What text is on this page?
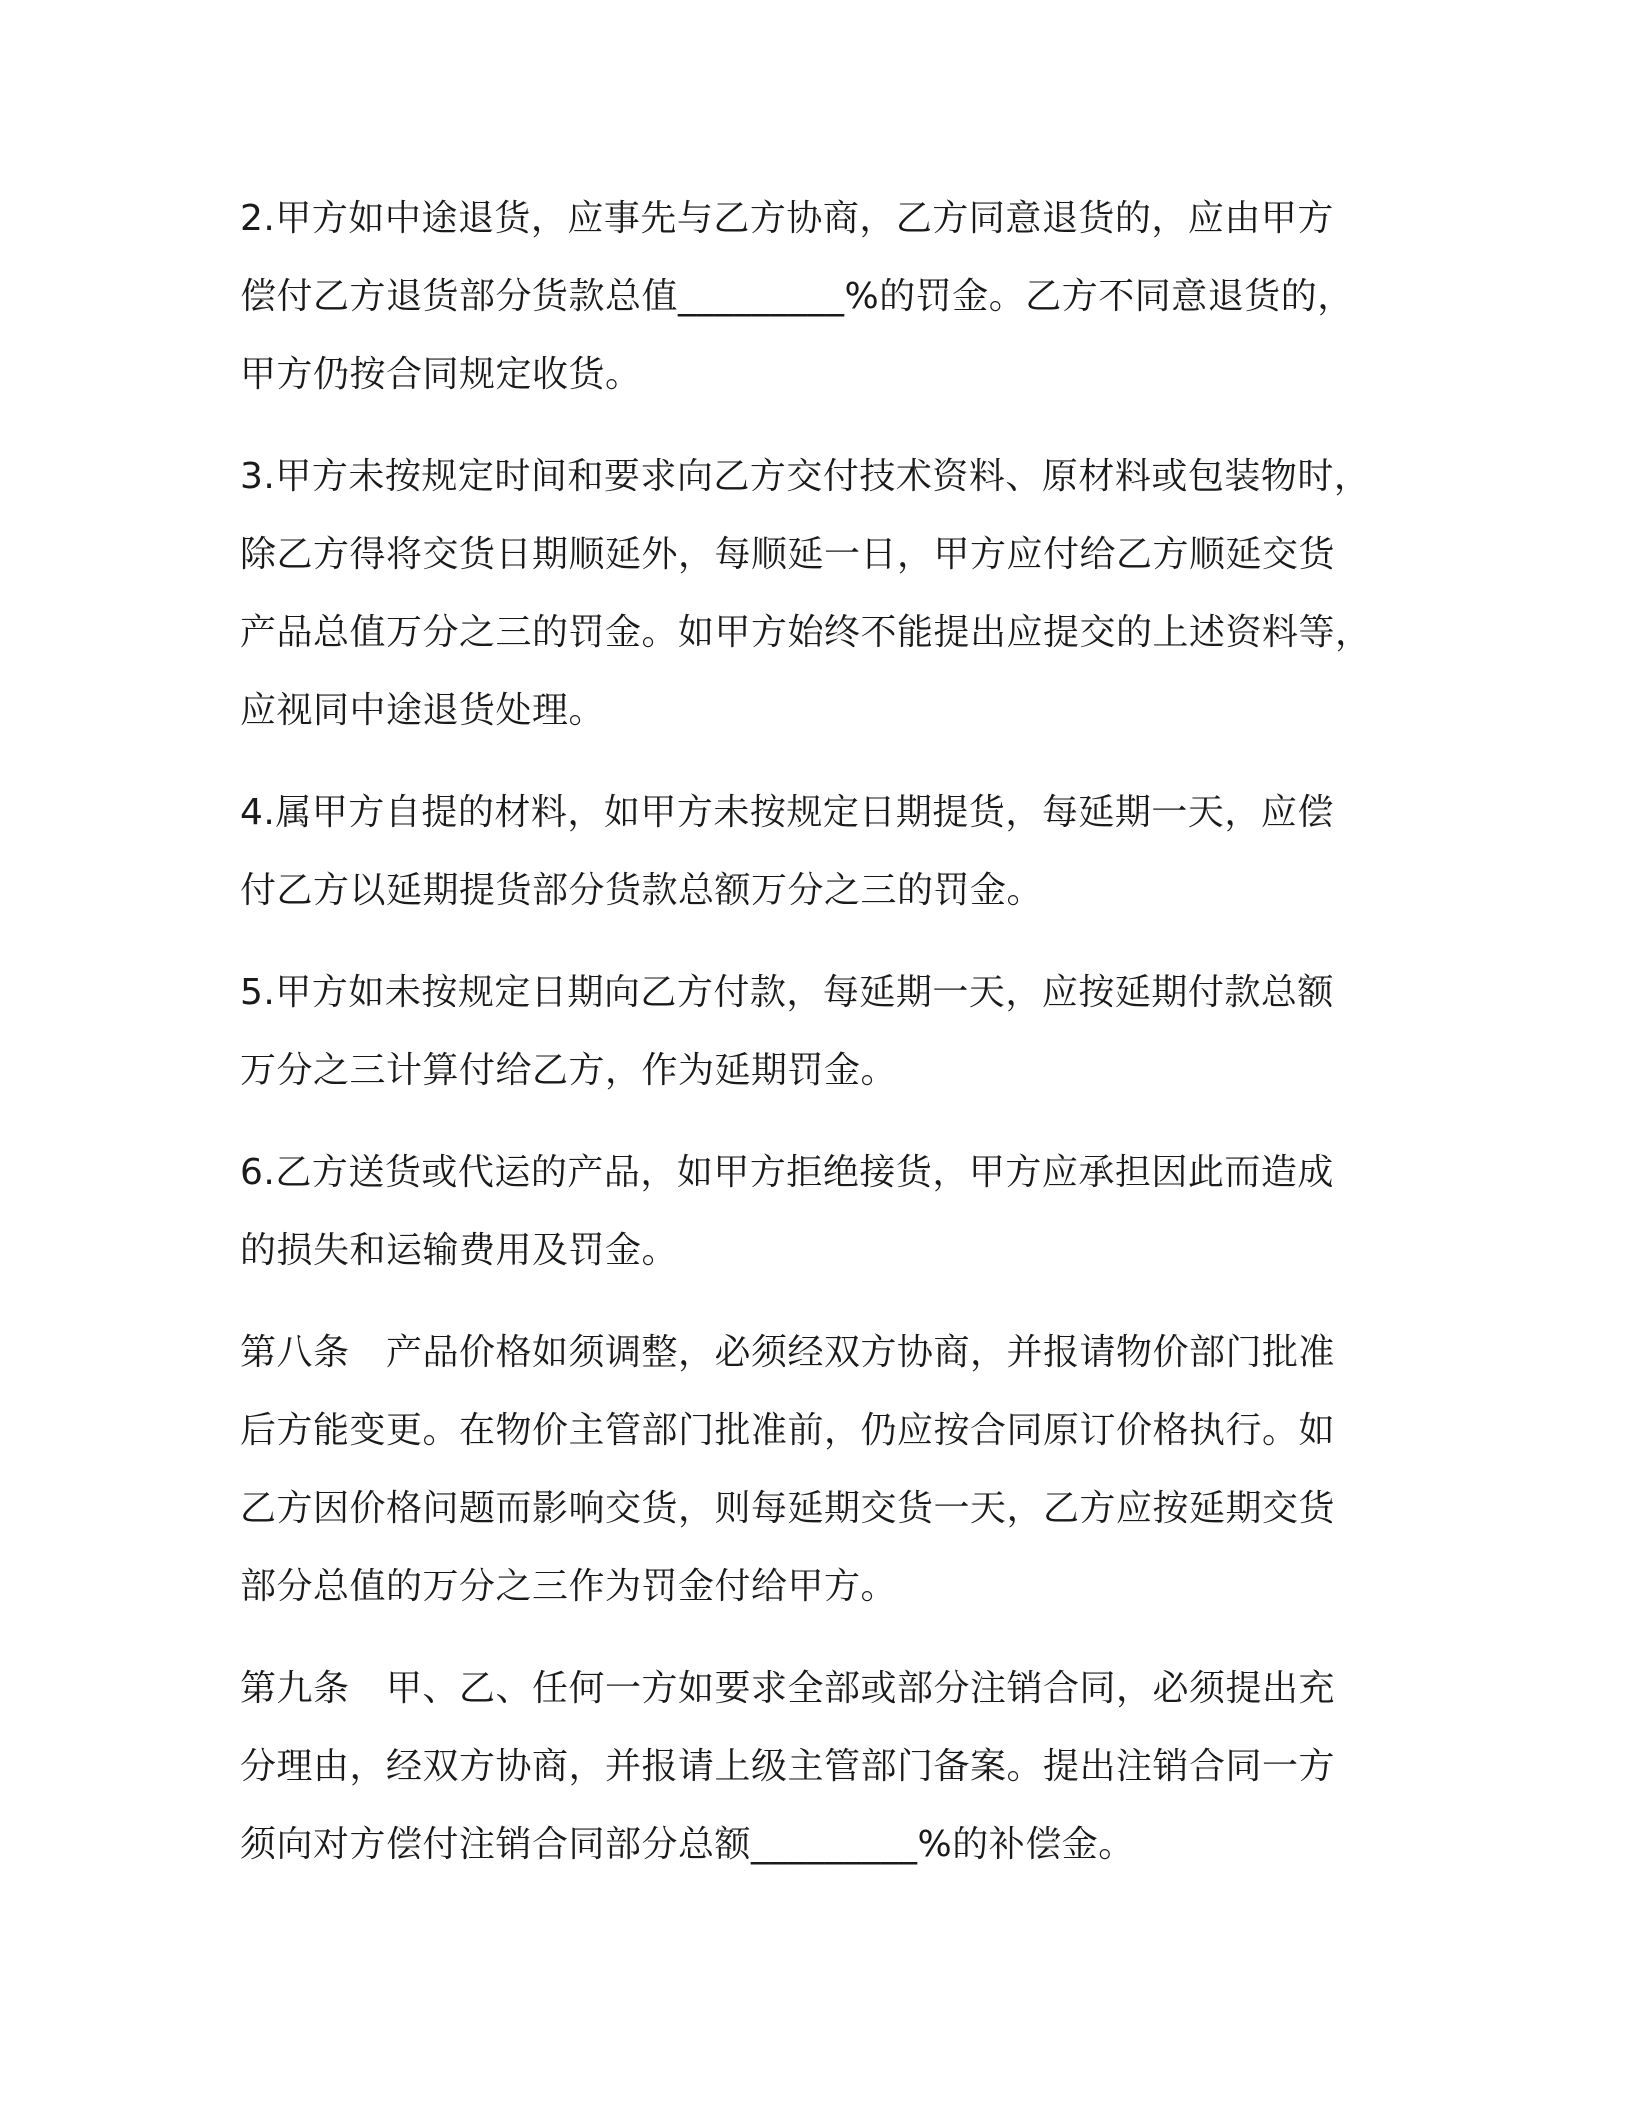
2.甲方如中途退货，应事先与乙方协商，乙方同意退货的，应由甲方
偿付乙方退货部分货款总值_________%的罚金。乙方不同意退货的，
甲方仍按合同规定收货。

3.甲方未按规定时间和要求向乙方交付技术资料、原材料或包装物时，
除乙方得将交货日期顺延外，每顺延一日，甲方应付给乙方顺延交货
产品总值万分之三的罚金。如甲方始终不能提出应提交的上述资料等，
应视同中途退货处理。

4.属甲方自提的材料，如甲方未按规定日期提货，每延期一天，应偿
付乙方以延期提货部分货款总额万分之三的罚金。

5.甲方如未按规定日期向乙方付款，每延期一天，应按延期付款总额
万分之三计算付给乙方，作为延期罚金。

6.乙方送货或代运的产品，如甲方拒绝接货，甲方应承担因此而造成
的损失和运输费用及罚金。

第八条　产品价格如须调整，必须经双方协商，并报请物价部门批准
后方能变更。在物价主管部门批准前，仍应按合同原订价格执行。如
乙方因价格问题而影响交货，则每延期交货一天，乙方应按延期交货
部分总值的万分之三作为罚金付给甲方。

第九条　甲、乙、任何一方如要求全部或部分注销合同，必须提出充
分理由，经双方协商，并报请上级主管部门备案。提出注销合同一方
须向对方偿付注销合同部分总额_________%的补偿金。
